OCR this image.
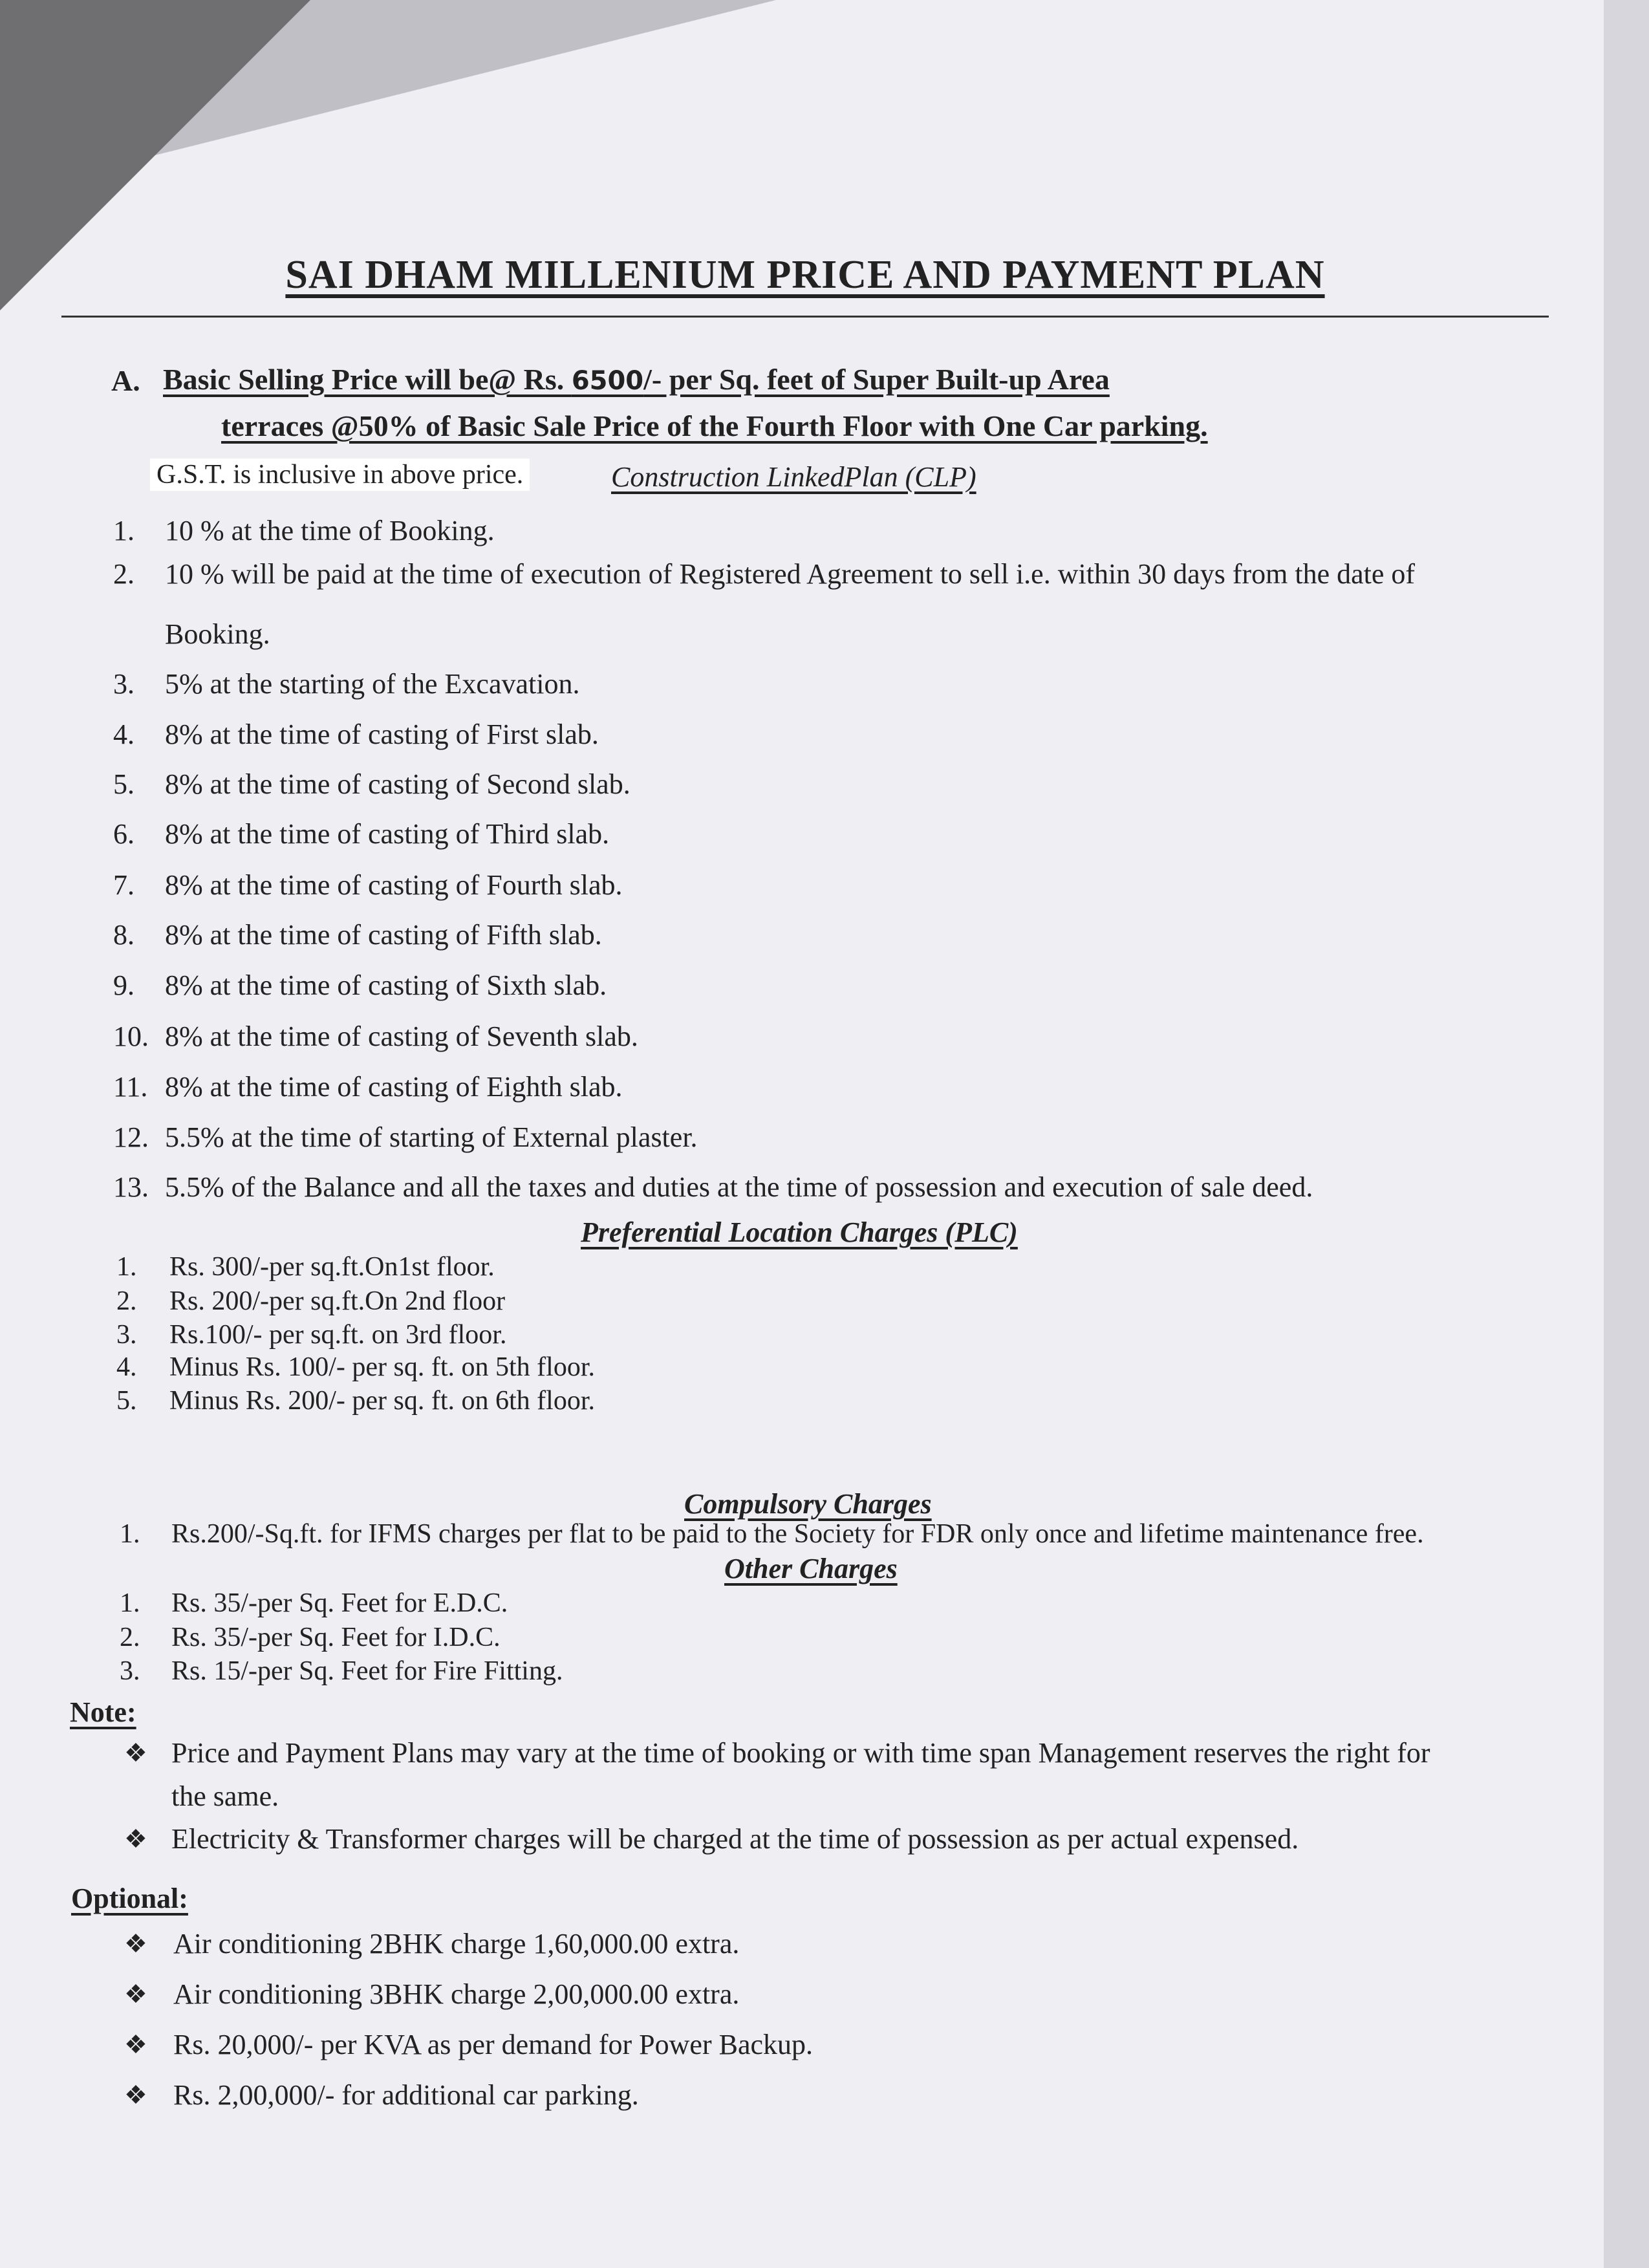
SAI DHAM MILLENIUM PRICE AND PAYMENT PLAN
A. Basic Selling Price will be@ Rs. 6500/- per Sq. feet of Super Built-up Area
terraces @50% of Basic Sale Price of the Fourth Floor with One Car parking.
G.S.T. is inclusive in above price.	Construction LinkedPlan (CLP)
1. 10 % at the time of Booking.
2. 10 % will be paid at the time of execution of Registered Agreement to sell i.e. within 30 days from the date of
Booking.
3. 5% at the starting of the Excavation.
4. 8% at the time of casting of First slab.
5. 8% at the time of casting of Second slab.
6. 8% at the time of casting of Third slab.
7. 8% at the time of casting of Fourth slab.
8. 8% at the time of casting of Fifth slab.
9. 8% at the time of casting of Sixth slab.
10. 8% at the time of casting of Seventh slab.
11. 8% at the time of casting of Eighth slab.
12. 5.5% at the time of starting of External plaster.
13. 5.5% of the Balance and all the taxes and duties at the time of possession and execution of sale deed.
Preferential Location Charges (PLC)
1. Rs. 300/-per sq.ft.On1st floor.
2. Rs. 200/-per sq.ft.On 2nd floor
3. Rs.100/- per sq.ft. on 3rd floor.
4. Minus Rs. 100/- per sq. ft. on 5th floor.
5. Minus Rs. 200/- per sq. ft. on 6th floor.
Compulsory Charges
1. Rs.200/-Sq.ft. for IFMS charges per flat to be paid to the Society for FDR only once and lifetime maintenance free.
Other Charges
1. Rs. 35/-per Sq. Feet for E.D.C.
2. Rs. 35/-per Sq. Feet for I.D.C.
3. Rs. 15/-per Sq. Feet for Fire Fitting.
Note:
❖ Price and Payment Plans may vary at the time of booking or with time span Management reserves the right for
the same.
❖ Electricity & Transformer charges will be charged at the time of possession as per actual expensed.
Optional:
❖ Air conditioning 2BHK charge 1,60,000.00 extra.
❖ Air conditioning 3BHK charge 2,00,000.00 extra.
❖ Rs. 20,000/- per KVA as per demand for Power Backup.
❖ Rs. 2,00,000/- for additional car parking.
